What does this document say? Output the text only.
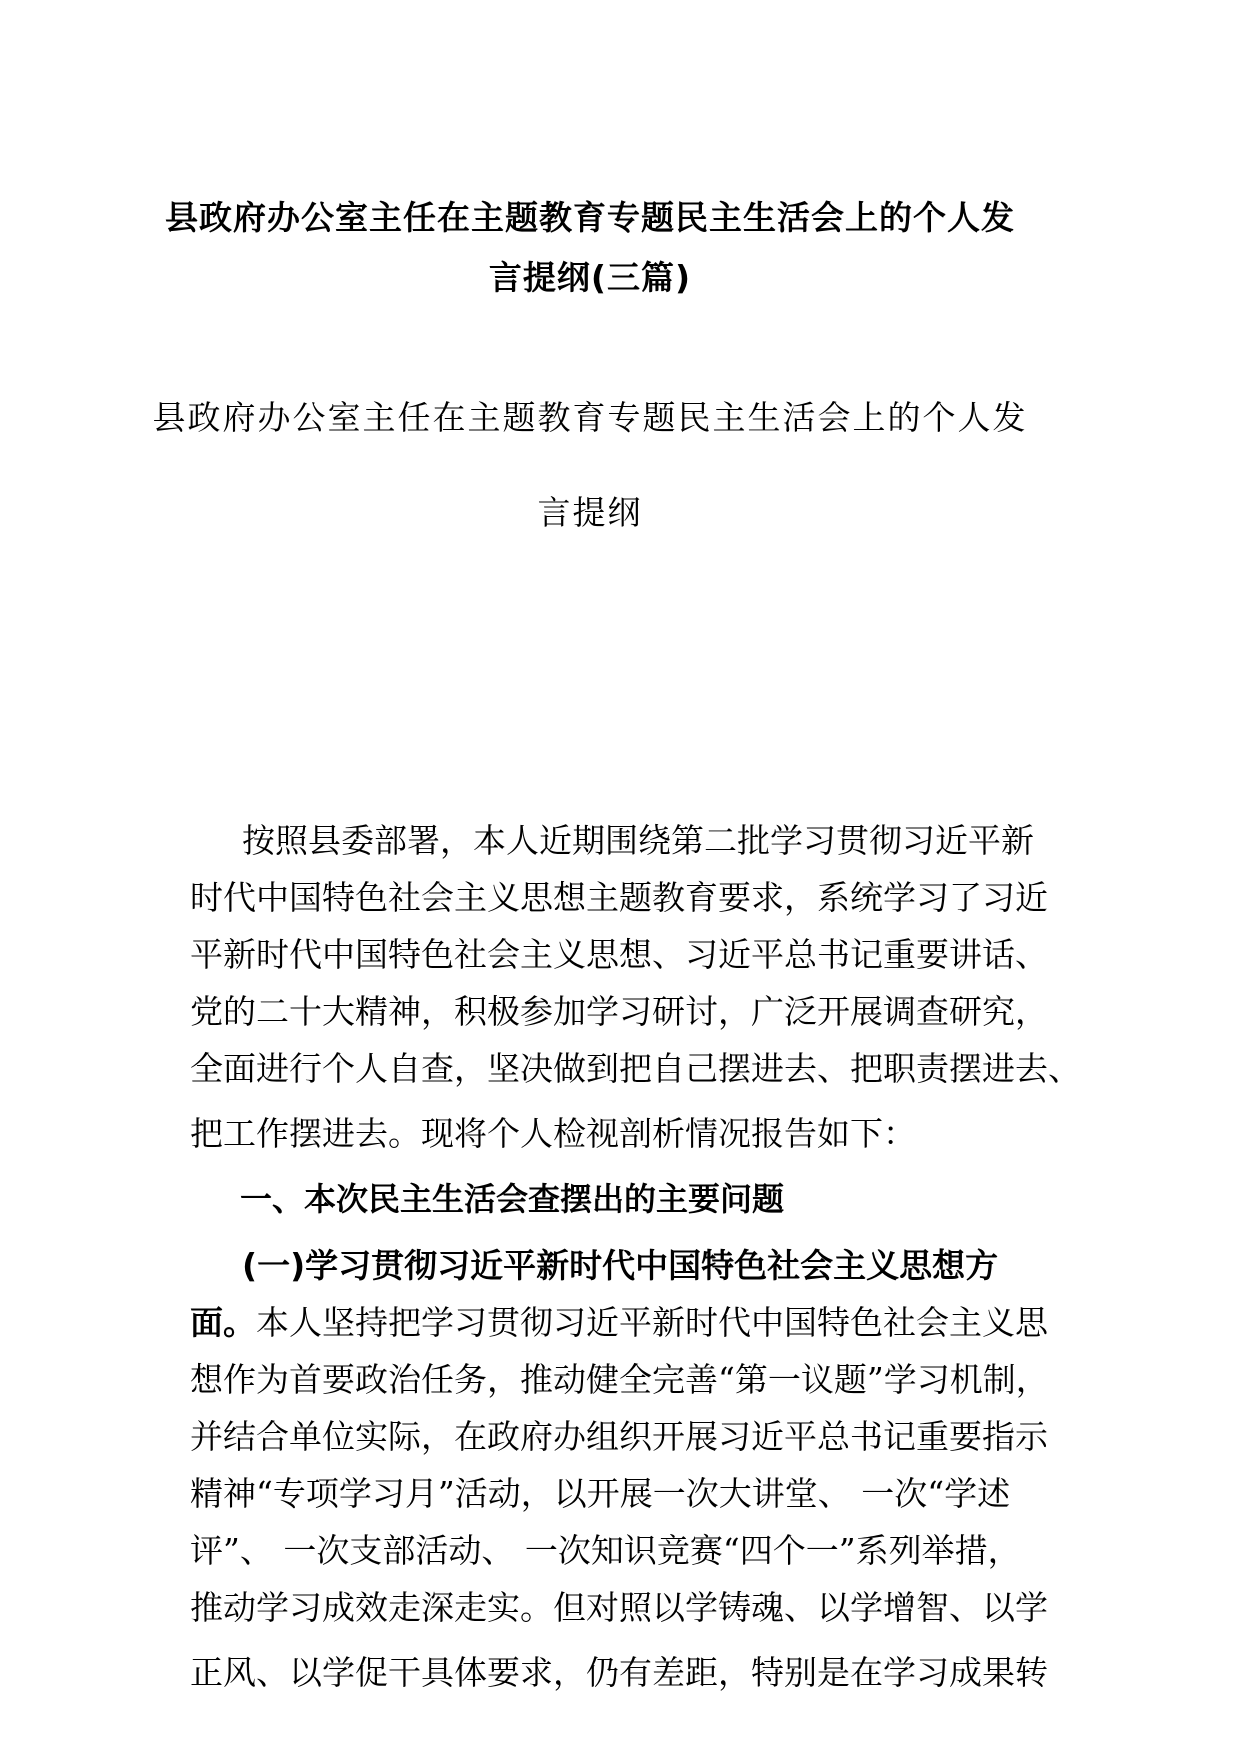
县政府办公室主任在主题教育专题民主生活会上的个人发
言提纲(三篇)
县政府办公室主任在主题教育专题民主生活会上的个人发
言提纲
按照县委部署，本人近期围绕第二批学习贯彻习近平新
时代中国特色社会主义思想主题教育要求，系统学习了习近
平新时代中国特色社会主义思想、习近平总书记重要讲话、
党的二十大精神，积极参加学习研讨，广泛开展调查研究，
全面进行个人自查，坚决做到把自己摆进去、把职责摆进去、
把工作摆进去。现将个人检视剖析情况报告如下：
一、本次民主生活会查摆出的主要问题
(一)学习贯彻习近平新时代中国特色社会主义思想方
面。本人坚持把学习贯彻习近平新时代中国特色社会主义思
想作为首要政治任务，推动健全完善“第一议题”学习机制，
并结合单位实际，在政府办组织开展习近平总书记重要指示
精神“专项学习月”活动，以开展一次大讲堂、 一次“学述
评”、 一次支部活动、 一次知识竞赛“四个一”系列举措，
推动学习成效走深走实。但对照以学铸魂、以学增智、以学
正风、以学促干具体要求，仍有差距，特别是在学习成果转
